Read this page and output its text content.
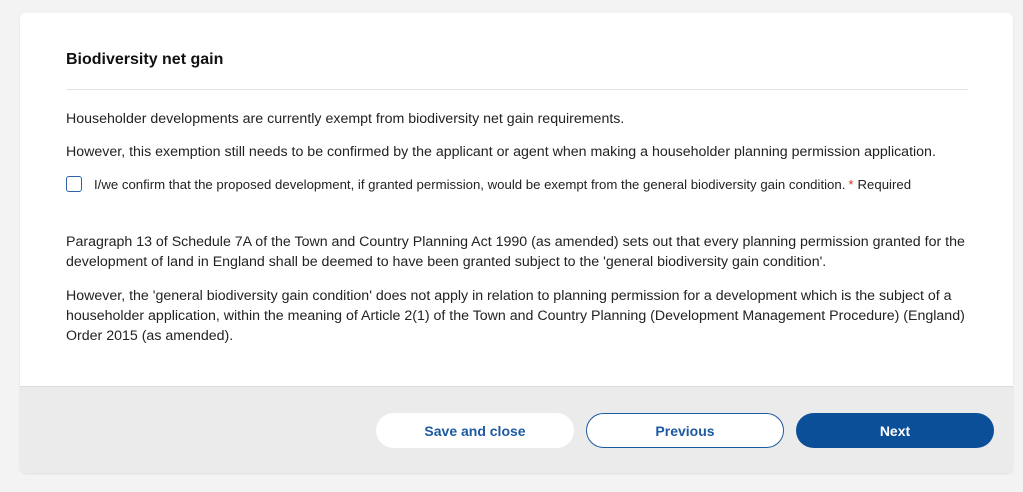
Biodiversity net gain
Householder developments are currently exempt from biodiversity net gain requirements.
However, this exemption still needs to be confirmed by the applicant or agent when making a householder planning permission application.
I/we confirm that the proposed development, if granted permission, would be exempt from the general biodiversity gain condition. * Required
Paragraph 13 of Schedule 7A of the Town and Country Planning Act 1990 (as amended) sets out that every planning permission granted for the development of land in England shall be deemed to have been granted subject to the 'general biodiversity gain condition'.
However, the 'general biodiversity gain condition' does not apply in relation to planning permission for a development which is the subject of a householder application, within the meaning of Article 2(1) of the Town and Country Planning (Development Management Procedure) (England) Order 2015 (as amended).
Save and close	Previous	Next
